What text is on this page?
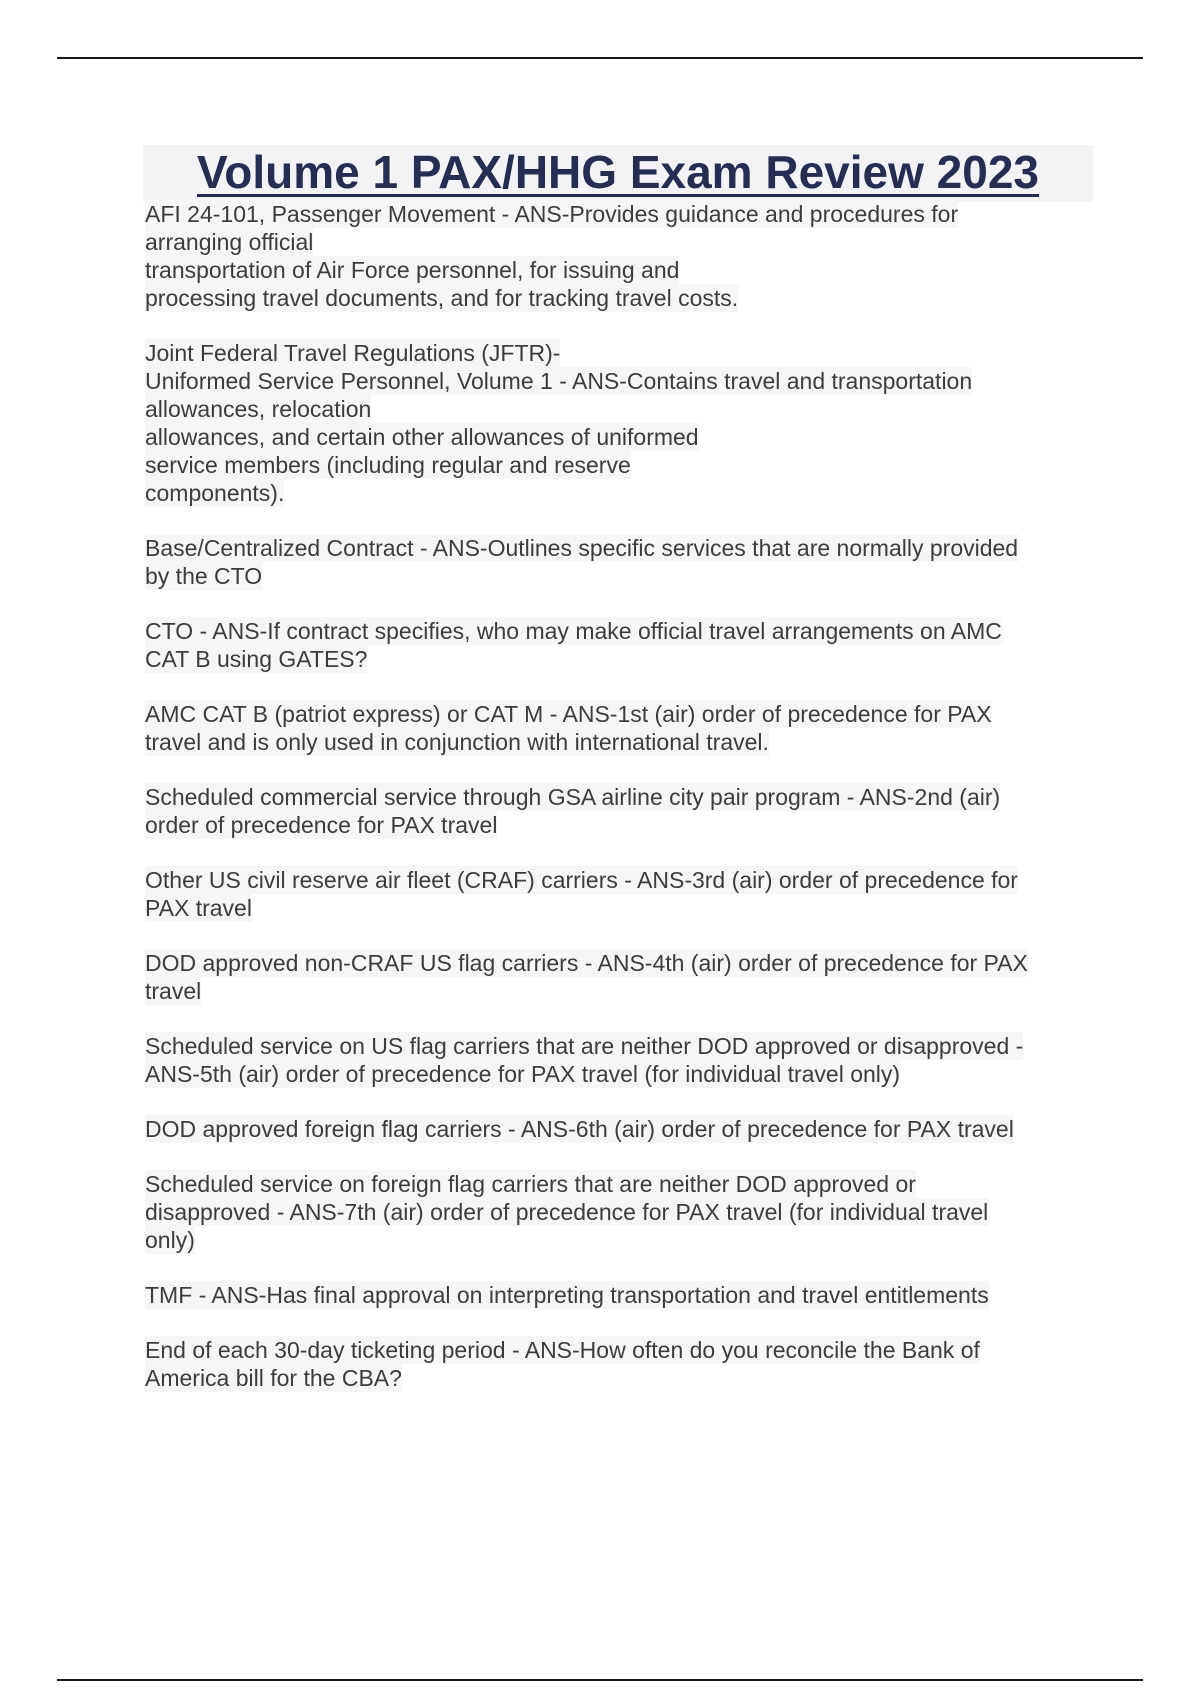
Volume 1 PAX/HHG Exam Review 2023
AFI 24-101, Passenger Movement - ANS-Provides guidance and procedures for
arranging official
transportation of Air Force personnel, for issuing and
processing travel documents, and for tracking travel costs.
Joint Federal Travel Regulations (JFTR)-
Uniformed Service Personnel, Volume 1 - ANS-Contains travel and transportation
allowances, relocation
allowances, and certain other allowances of uniformed
service members (including regular and reserve
components).
Base/Centralized Contract - ANS-Outlines specific services that are normally provided
by the CTO
CTO - ANS-If contract specifies, who may make official travel arrangements on AMC
CAT B using GATES?
AMC CAT B (patriot express) or CAT M - ANS-1st (air) order of precedence for PAX
travel and is only used in conjunction with international travel.
Scheduled commercial service through GSA airline city pair program - ANS-2nd (air)
order of precedence for PAX travel
Other US civil reserve air fleet (CRAF) carriers - ANS-3rd (air) order of precedence for
PAX travel
DOD approved non-CRAF US flag carriers - ANS-4th (air) order of precedence for PAX
travel
Scheduled service on US flag carriers that are neither DOD approved or disapproved -
ANS-5th (air) order of precedence for PAX travel (for individual travel only)
DOD approved foreign flag carriers - ANS-6th (air) order of precedence for PAX travel
Scheduled service on foreign flag carriers that are neither DOD approved or
disapproved - ANS-7th (air) order of precedence for PAX travel (for individual travel
only)
TMF - ANS-Has final approval on interpreting transportation and travel entitlements
End of each 30-day ticketing period - ANS-How often do you reconcile the Bank of
America bill for the CBA?
